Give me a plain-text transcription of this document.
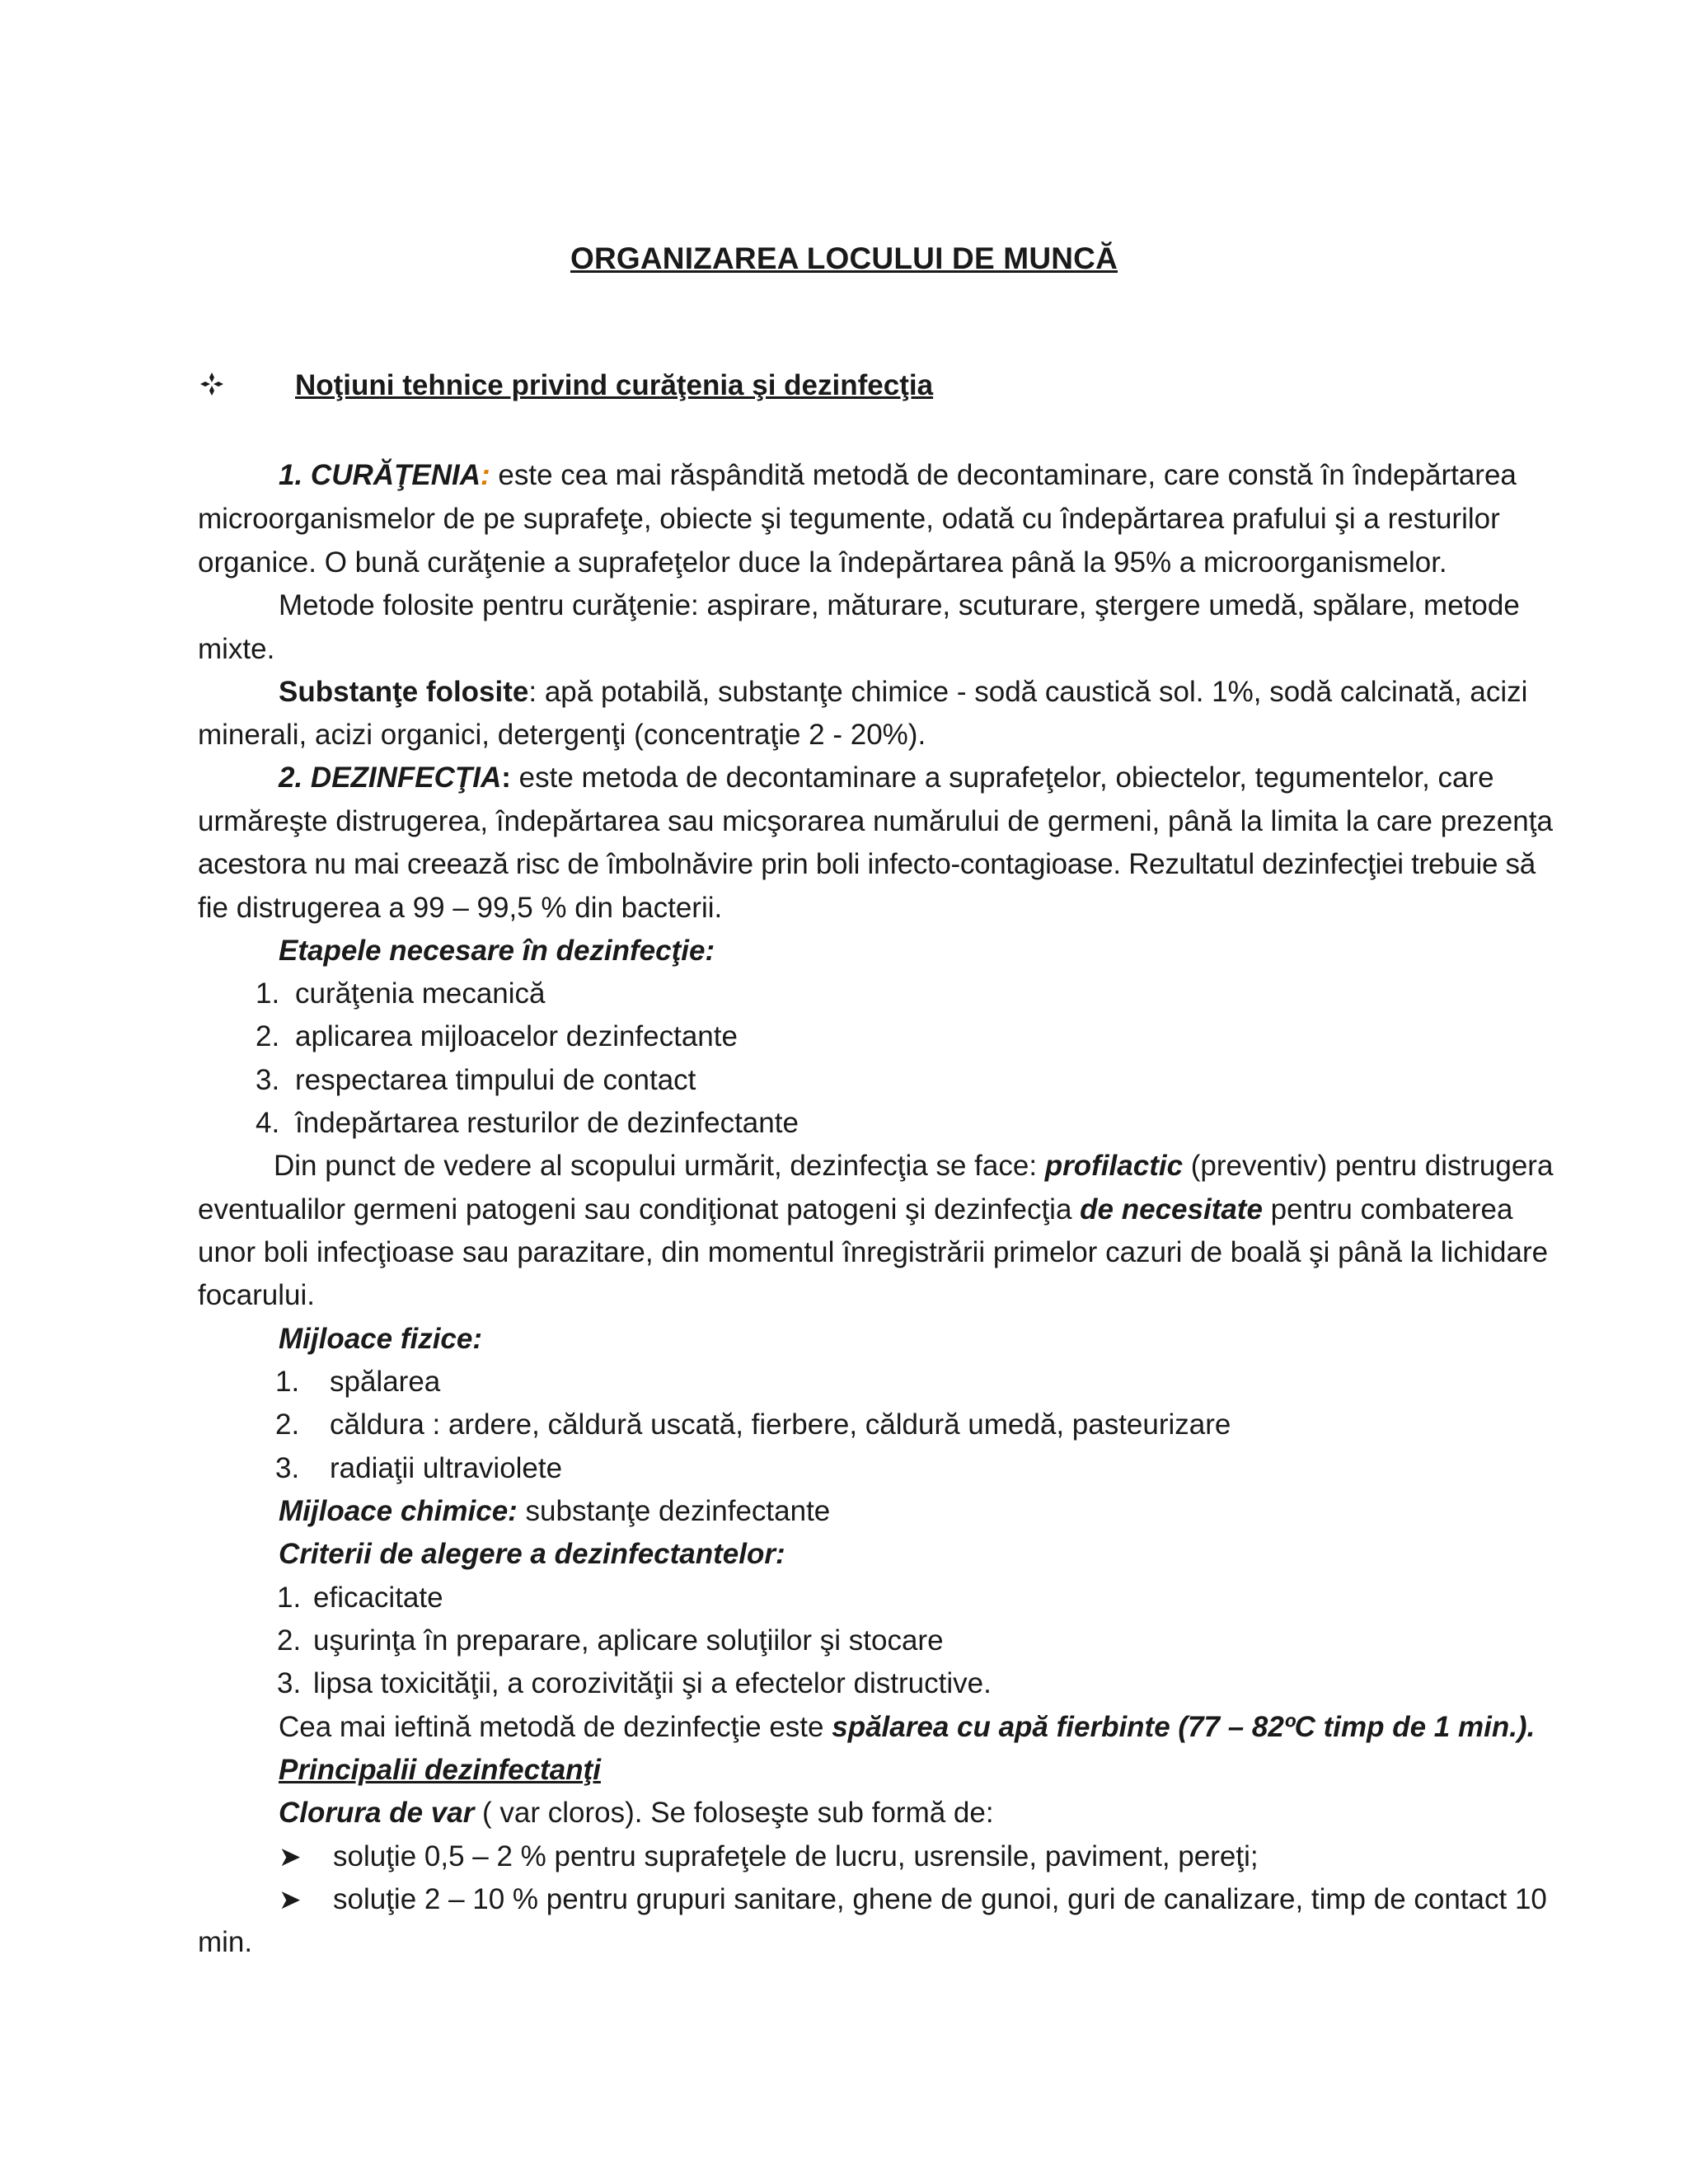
ORGANIZAREA LOCULUI DE MUNCĂ
Noţiuni tehnice privind curăţenia şi dezinfecţia
1. CURĂŢENIA: este cea mai răspândită metodă de decontaminare, care constă în îndepărtarea
microorganismelor de pe suprafeţe, obiecte şi tegumente, odată cu îndepărtarea prafului şi a resturilor
organice. O bună curăţenie a suprafeţelor duce la îndepărtarea până la 95% a microorganismelor.
Metode folosite pentru curăţenie: aspirare, măturare, scuturare, ştergere umedă, spălare, metode
mixte.
Substanţe folosite: apă potabilă, substanţe chimice - sodă caustică sol. 1%, sodă calcinată, acizi
minerali, acizi organici, detergenţi (concentraţie 2 - 20%).
2. DEZINFECŢIA: este metoda de decontaminare a suprafeţelor, obiectelor, tegumentelor, care
urmăreşte distrugerea, îndepărtarea sau micşorarea numărului de germeni, până la limita la care prezenţa
acestora nu mai creează risc de îmbolnăvire prin boli infecto-contagioase. Rezultatul dezinfecţiei trebuie să
fie distrugerea a 99 – 99,5 % din bacterii.
Etapele necesare în dezinfecţie:
1. curăţenia mecanică
2. aplicarea mijloacelor dezinfectante
3. respectarea timpului de contact
4. îndepărtarea resturilor de dezinfectante
Din punct de vedere al scopului urmărit, dezinfecţia se face: profilactic (preventiv) pentru distrugera
eventualilor germeni patogeni sau condiţionat patogeni şi dezinfecţia de necesitate pentru combaterea
unor boli infecţioase sau parazitare, din momentul înregistrării primelor cazuri de boală şi până la lichidare
focarului.
Mijloace fizice:
1. spălarea
2. căldura : ardere, căldură uscată, fierbere, căldură umedă, pasteurizare
3. radiaţii ultraviolete
Mijloace chimice: substanţe dezinfectante
Criterii de alegere a dezinfectantelor:
1. eficacitate
2. uşurinţa în preparare, aplicare soluţiilor şi stocare
3. lipsa toxicităţii, a corozivităţii şi a efectelor distructive.
Cea mai ieftină metodă de dezinfecţie este spălarea cu apă fierbinte (77 – 82ºC timp de 1 min.).
Principalii dezinfectanţi
Clorura de var ( var cloros). Se foloseşte sub formă de:
➤ soluţie 0,5 – 2 % pentru suprafeţele de lucru, usrensile, paviment, pereţi;
➤ soluţie 2 – 10 % pentru grupuri sanitare, ghene de gunoi, guri de canalizare, timp de contact 10
min.
